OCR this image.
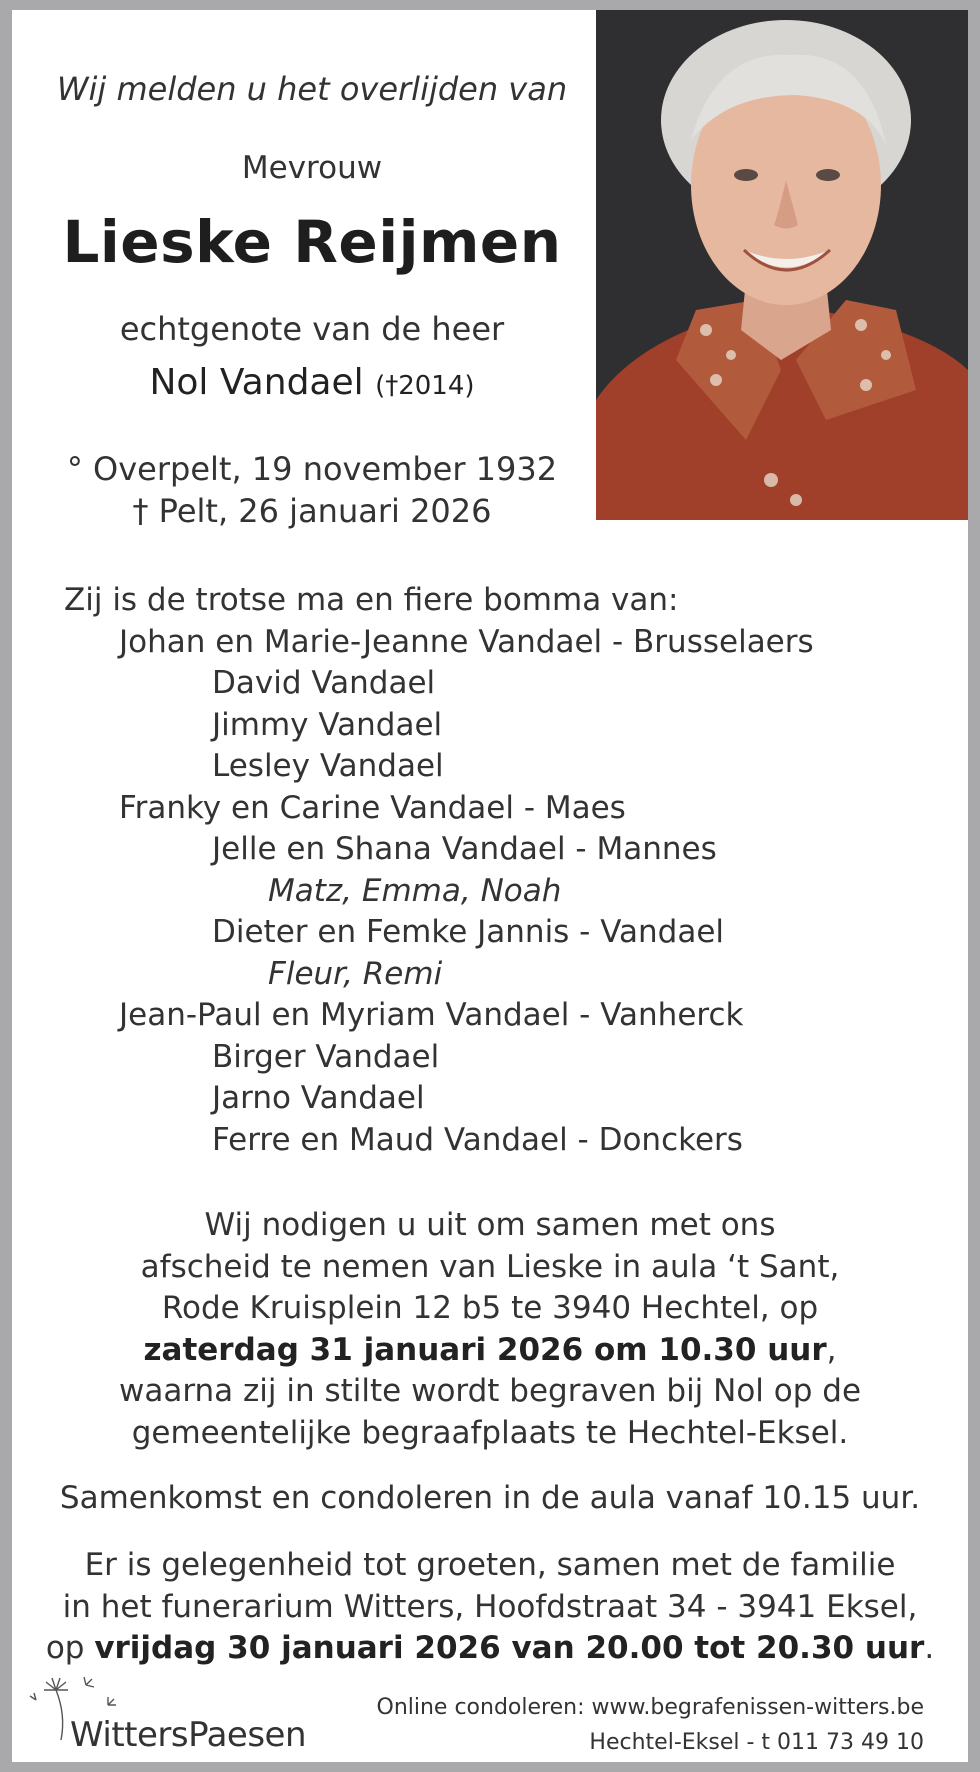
Wij melden u het overlijden van
Mevrouw
Lieske Reijmen
echtgenote van de heer
Nol Vandael (†2014)
° Overpelt, 19 november 1932
† Pelt, 26 januari 2026
Zij is de trotse ma en fiere bomma van:
Johan en Marie-Jeanne Vandael - Brusselaers
David Vandael
Jimmy Vandael
Lesley Vandael
Franky en Carine Vandael - Maes
Jelle en Shana Vandael - Mannes
Matz, Emma, Noah
Dieter en Femke Jannis - Vandael
Fleur, Remi
Jean-Paul en Myriam Vandael - Vanherck
Birger Vandael
Jarno Vandael
Ferre en Maud Vandael - Donckers
Wij nodigen u uit om samen met ons
afscheid te nemen van Lieske in aula ‘t Sant,
Rode Kruisplein 12 b5 te 3940 Hechtel, op
zaterdag 31 januari 2026 om 10.30 uur,
waarna zij in stilte wordt begraven bij Nol op de
gemeentelijke begraafplaats te Hechtel-Eksel.
Samenkomst en condoleren in de aula vanaf 10.15 uur.
Er is gelegenheid tot groeten, samen met de familie
in het funerarium Witters, Hoofdstraat 34 - 3941 Eksel,
op vrijdag 30 januari 2026 van 20.00 tot 20.30 uur.
WittersPaesen
Online condoleren: www.begrafenissen-witters.be
Hechtel-Eksel - t 011 73 49 10
